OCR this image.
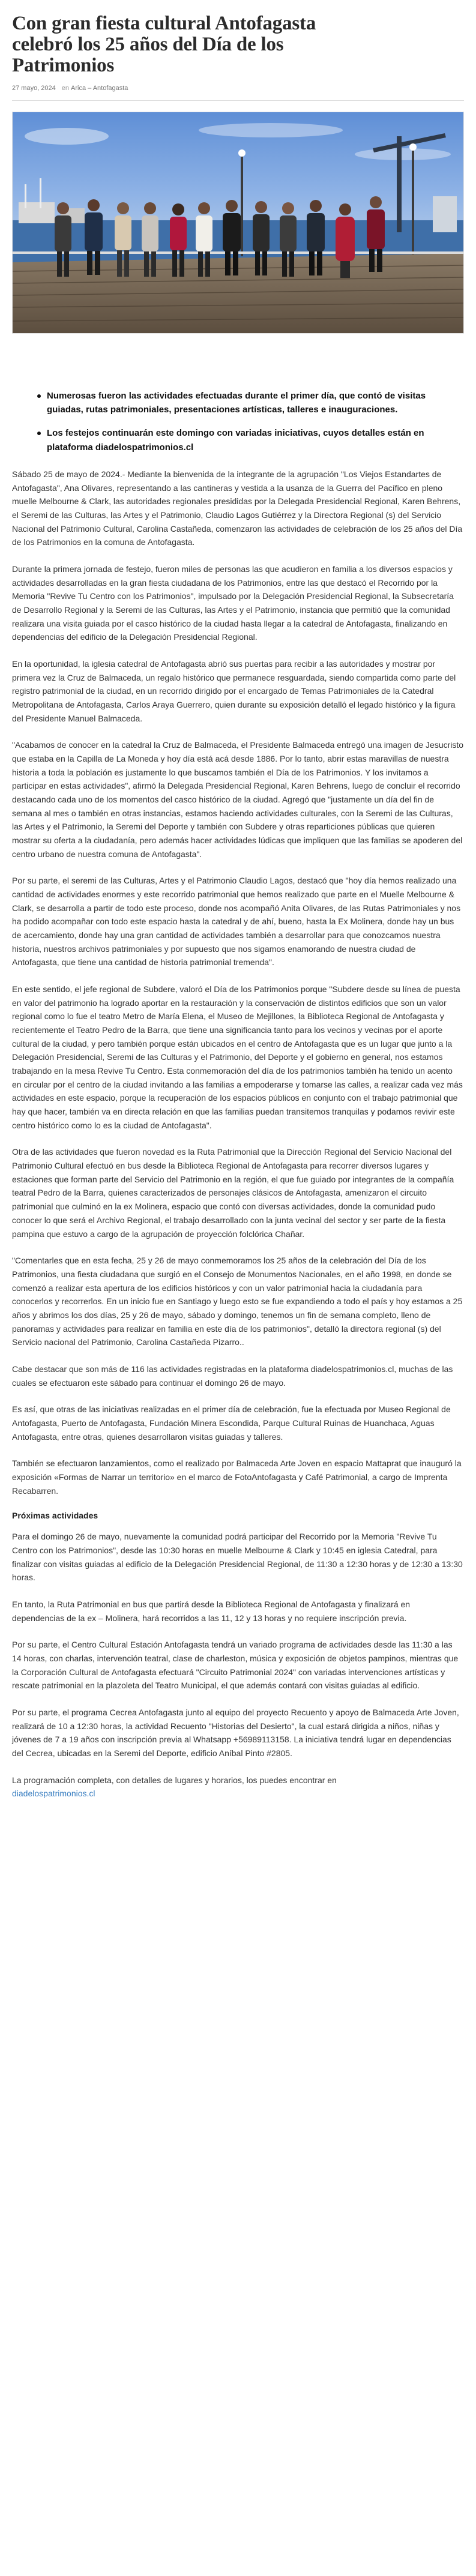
Con gran fiesta cultural Antofagasta celebró los 25 años del Día de los Patrimonios
27 mayo, 2024 en Arica – Antofagasta
Numerosas fueron las actividades efectuadas durante el primer día, que contó de visitas guiadas, rutas patrimoniales, presentaciones artísticas, talleres e inauguraciones.
Los festejos continuarán este domingo con variadas iniciativas, cuyos detalles están en plataforma diadelospatrimonios.cl

Sábado 25 de mayo de 2024.- Mediante la bienvenida de la integrante de la agrupación "Los Viejos Estandartes de Antofagasta", Ana Olivares, representando a las cantineras y vestida a la usanza de la Guerra del Pacífico en pleno muelle Melbourne & Clark, las autoridades regionales presididas por la Delegada Presidencial Regional, Karen Behrens, el Seremi de las Culturas, las Artes y el Patrimonio, Claudio Lagos Gutiérrez y la Directora Regional (s) del Servicio Nacional del Patrimonio Cultural, Carolina Castañeda, comenzaron las actividades de celebración de los 25 años del Día de los Patrimonios en la comuna de Antofagasta.

Durante la primera jornada de festejo, fueron miles de personas las que acudieron en familia a los diversos espacios y actividades desarrolladas en la gran fiesta ciudadana de los Patrimonios, entre las que destacó el Recorrido por la Memoria "Revive Tu Centro con los Patrimonios", impulsado por la Delegación Presidencial Regional, la Subsecretaría de Desarrollo Regional y la Seremi de las Culturas, las Artes y el Patrimonio, instancia que permitió que la comunidad realizara una visita guiada por el casco histórico de la ciudad hasta llegar a la catedral de Antofagasta, finalizando en dependencias del edificio de la Delegación Presidencial Regional.

En la oportunidad, la iglesia catedral de Antofagasta abrió sus puertas para recibir a las autoridades y mostrar por primera vez la Cruz de Balmaceda, un regalo histórico que permanece resguardada, siendo compartida como parte del registro patrimonial de la ciudad, en un recorrido dirigido por el encargado de Temas Patrimoniales de la Catedral Metropolitana de Antofagasta, Carlos Araya Guerrero, quien durante su exposición detalló el legado histórico y la figura del Presidente Manuel Balmaceda.

"Acabamos de conocer en la catedral la Cruz de Balmaceda, el Presidente Balmaceda entregó una imagen de Jesucristo que estaba en la Capilla de La Moneda y hoy día está acá desde 1886. Por lo tanto, abrir estas maravillas de nuestra historia a toda la población es justamente lo que buscamos también el Día de los Patrimonios. Y los invitamos a participar en estas actividades", afirmó la Delegada Presidencial Regional, Karen Behrens, luego de concluir el recorrido destacando cada uno de los momentos del casco histórico de la ciudad. Agregó que "justamente un día del fin de semana al mes o también en otras instancias, estamos haciendo actividades culturales, con la Seremi de las Culturas, las Artes y el Patrimonio, la Seremi del Deporte y también con Subdere y otras reparticiones públicas que quieren mostrar su oferta a la ciudadanía, pero además hacer actividades lúdicas que impliquen que las familias se apoderen del centro urbano de nuestra comuna de Antofagasta".

Por su parte, el seremi de las Culturas, Artes y el Patrimonio Claudio Lagos, destacó que "hoy día hemos realizado una cantidad de actividades enormes y este recorrido patrimonial que hemos realizado que parte en el Muelle Melbourne & Clark, se desarrolla a partir de todo este proceso, donde nos acompañó Anita Olivares, de las Rutas Patrimoniales y nos ha podido acompañar con todo este espacio hasta la catedral y de ahí, bueno, hasta la Ex Molinera, donde hay un bus de acercamiento, donde hay una gran cantidad de actividades también a desarrollar para que conozcamos nuestra historia, nuestros archivos patrimoniales y por supuesto que nos sigamos enamorando de nuestra ciudad de Antofagasta, que tiene una cantidad de historia patrimonial tremenda".

En este sentido, el jefe regional de Subdere, valoró el Día de los Patrimonios porque "Subdere desde su línea de puesta en valor del patrimonio ha logrado aportar en la restauración y la conservación de distintos edificios que son un valor regional como lo fue el teatro Metro de María Elena, el Museo de Mejillones, la Biblioteca Regional de Antofagasta y recientemente el Teatro Pedro de la Barra, que tiene una significancia tanto para los vecinos y vecinas por el aporte cultural de la ciudad, y pero también porque están ubicados en el centro de Antofagasta que es un lugar que junto a la Delegación Presidencial, Seremi de las Culturas y el Patrimonio, del Deporte y el gobierno en general, nos estamos trabajando en la mesa Revive Tu Centro. Esta conmemoración del día de los patrimonios también ha tenido un acento en circular por el centro de la ciudad invitando a las familias a empoderarse y tomarse las calles, a realizar cada vez más actividades en este espacio, porque la recuperación de los espacios públicos en conjunto con el trabajo patrimonial que hay que hacer, también va en directa relación en que las familias puedan transitemos tranquilas y podamos revivir este centro histórico como lo es la ciudad de Antofagasta".

Otra de las actividades que fueron novedad es la Ruta Patrimonial que la Dirección Regional del Servicio Nacional del Patrimonio Cultural efectuó en bus desde la Biblioteca Regional de Antofagasta para recorrer diversos lugares y estaciones que forman parte del Servicio del Patrimonio en la región, el que fue guiado por integrantes de la compañía teatral Pedro de la Barra, quienes caracterizados de personajes clásicos de Antofagasta, amenizaron el circuito patrimonial que culminó en la ex Molinera, espacio que contó con diversas actividades, donde la comunidad pudo conocer lo que será el Archivo Regional, el trabajo desarrollado con la junta vecinal del sector y ser parte de la fiesta pampina que estuvo a cargo de la agrupación de proyección folclórica Chañar.

"Comentarles que en esta fecha, 25 y 26 de mayo conmemoramos los 25 años de la celebración del Día de los Patrimonios, una fiesta ciudadana que surgió en el Consejo de Monumentos Nacionales, en el año 1998, en donde se comenzó a realizar esta apertura de los edificios históricos y con un valor patrimonial hacia la ciudadanía para conocerlos y recorrerlos. En un inicio fue en Santiago y luego esto se fue expandiendo a todo el país y hoy estamos a 25 años y abrimos los dos días, 25 y 26 de mayo, sábado y domingo, tenemos un fin de semana completo, lleno de panoramas y actividades para realizar en familia en este día de los patrimonios", detalló la directora regional (s) del Servicio nacional del Patrimonio, Carolina Castañeda Pizarro..

Cabe destacar que son más de 116 las actividades registradas en la plataforma diadelospatrimonios.cl, muchas de las cuales se efectuaron este sábado para continuar el domingo 26 de mayo.

Es así, que otras de las iniciativas realizadas en el primer día de celebración, fue la efectuada por Museo Regional de Antofagasta, Puerto de Antofagasta, Fundación Minera Escondida, Parque Cultural Ruinas de Huanchaca, Aguas Antofagasta, entre otras, quienes desarrollaron visitas guiadas y talleres.

También se efectuaron lanzamientos, como el realizado por Balmaceda Arte Joven en espacio Mattaprat que inauguró la exposición «Formas de Narrar un territorio» en el marco de FotoAntofagasta y Café Patrimonial, a cargo de Imprenta Recabarren.

Próximas actividades

Para el domingo 26 de mayo, nuevamente la comunidad podrá participar del Recorrido por la Memoria "Revive Tu Centro con los Patrimonios", desde las 10:30 horas en muelle Melbourne & Clark y 10:45 en iglesia Catedral, para finalizar con visitas guiadas al edificio de la Delegación Presidencial Regional, de 11:30 a 12:30 horas y de 12:30 a 13:30 horas.

En tanto, la Ruta Patrimonial en bus que partirá desde la Biblioteca Regional de Antofagasta y finalizará en dependencias de la ex – Molinera, hará recorridos a las 11, 12 y 13 horas y no requiere inscripción previa.

Por su parte, el Centro Cultural Estación Antofagasta tendrá un variado programa de actividades desde las 11:30 a las 14 horas, con charlas, intervención teatral, clase de charleston, música y exposición de objetos pampinos, mientras que la Corporación Cultural de Antofagasta efectuará "Circuito Patrimonial 2024" con variadas intervenciones artísticas y rescate patrimonial en la plazoleta del Teatro Municipal, el que además contará con visitas guiadas al edificio.

Por su parte, el programa Cecrea Antofagasta junto al equipo del proyecto Recuento y apoyo de Balmaceda Arte Joven, realizará de 10 a 12:30 horas, la actividad Recuento "Historias del Desierto", la cual estará dirigida a niños, niñas y jóvenes de 7 a 19 años con inscripción previa al Whatsapp +56989113158. La iniciativa tendrá lugar en dependencias del Cecrea, ubicadas en la Seremi del Deporte, edificio Aníbal Pinto #2805.

La programación completa, con detalles de lugares y horarios, los puedes encontrar en
diadelospatrimonios.cl
